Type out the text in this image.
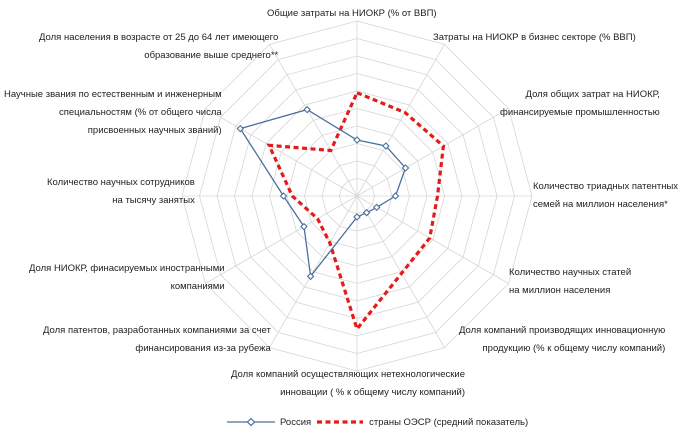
Общие затраты на НИОКР (% от ВВП)
Затраты на НИОКР в бизнес секторе (% ВВП)
Доля общих затрат на НИОКР,
финансируемые промышленностью
Количество триадных патентных
семей на миллион населения*
Количество научных статей
на миллион населения
Доля компаний производящих инновационную
продукцию (% к общему числу компаний)
Доля компаний осуществляющих нетехнологические
инновации ( % к общему числу компаний)
Доля патентов, разработанных компаниями за счет
финансирования из-за рубежа
Доля НИОКР, финасируемых иностранными
компаниями
Количество научных сотрудников
на тысячу занятых
Научные звания по естественным и инженерным
специальностям (% от общего числа
присвоенных научных званий)
Доля населения в возрасте от 25 до 64 лет имеющего
образование выше среднего**
Россия	страны ОЭСР (средний показатель)
